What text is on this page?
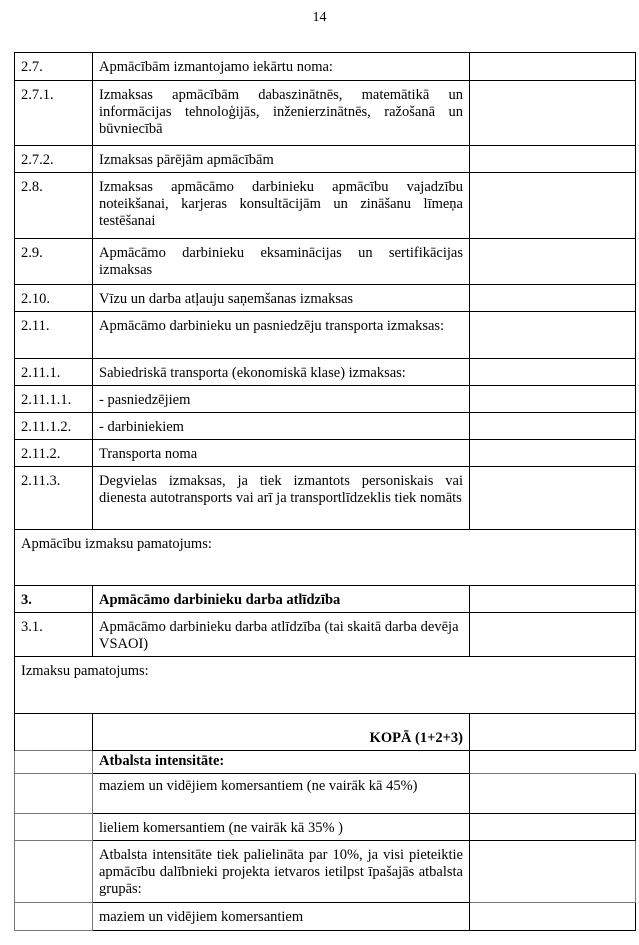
14
2.7.	Apmācībām izmantojamo iekārtu noma:	
2.7.1.	Izmaksas apmācībām dabaszinātnēs, matemātikā un informācijas tehnoloģijās, inženierzinātnēs, ražošanā un būvniecībā	
2.7.2.	Izmaksas pārējām apmācībām	
2.8.	Izmaksas apmācāmo darbinieku apmācību vajadzību noteikšanai, karjeras konsultācijām un zināšanu līmeņa testēšanai	
2.9.	Apmācāmo darbinieku eksaminācijas un sertifikācijas izmaksas	
2.10.	Vīzu un darba atļauju saņemšanas izmaksas	
2.11.	Apmācāmo darbinieku un pasniedzēju transporta izmaksas:	
2.11.1.	Sabiedriskā transporta (ekonomiskā klase) izmaksas:	
2.11.1.1.	- pasniedzējiem	
2.11.1.2.	- darbiniekiem	
2.11.2.	Transporta noma	
2.11.3.	Degvielas izmaksas, ja tiek izmantots personiskais vai dienesta autotransports vai arī ja transportlīdzeklis tiek nomāts	
Apmācību izmaksu pamatojums:		
3.	Apmācāmo darbinieku darba atlīdzība	
3.1.	Apmācāmo darbinieku darba atlīdzība (tai skaitā darba devēja VSAOI)	
Izmaksu pamatojums:		
	KOPĀ (1+2+3)	
	Atbalsta intensitāte:	
	maziem un vidējiem komersantiem (ne vairāk kā 45%)	
	lieliem komersantiem (ne vairāk kā 35% )	
	Atbalsta intensitāte tiek palielināta par 10%, ja visi pieteiktie apmācību dalībnieki projekta ietvaros ietilpst īpašajās atbalsta grupās:	
	maziem un vidējiem komersantiem	
